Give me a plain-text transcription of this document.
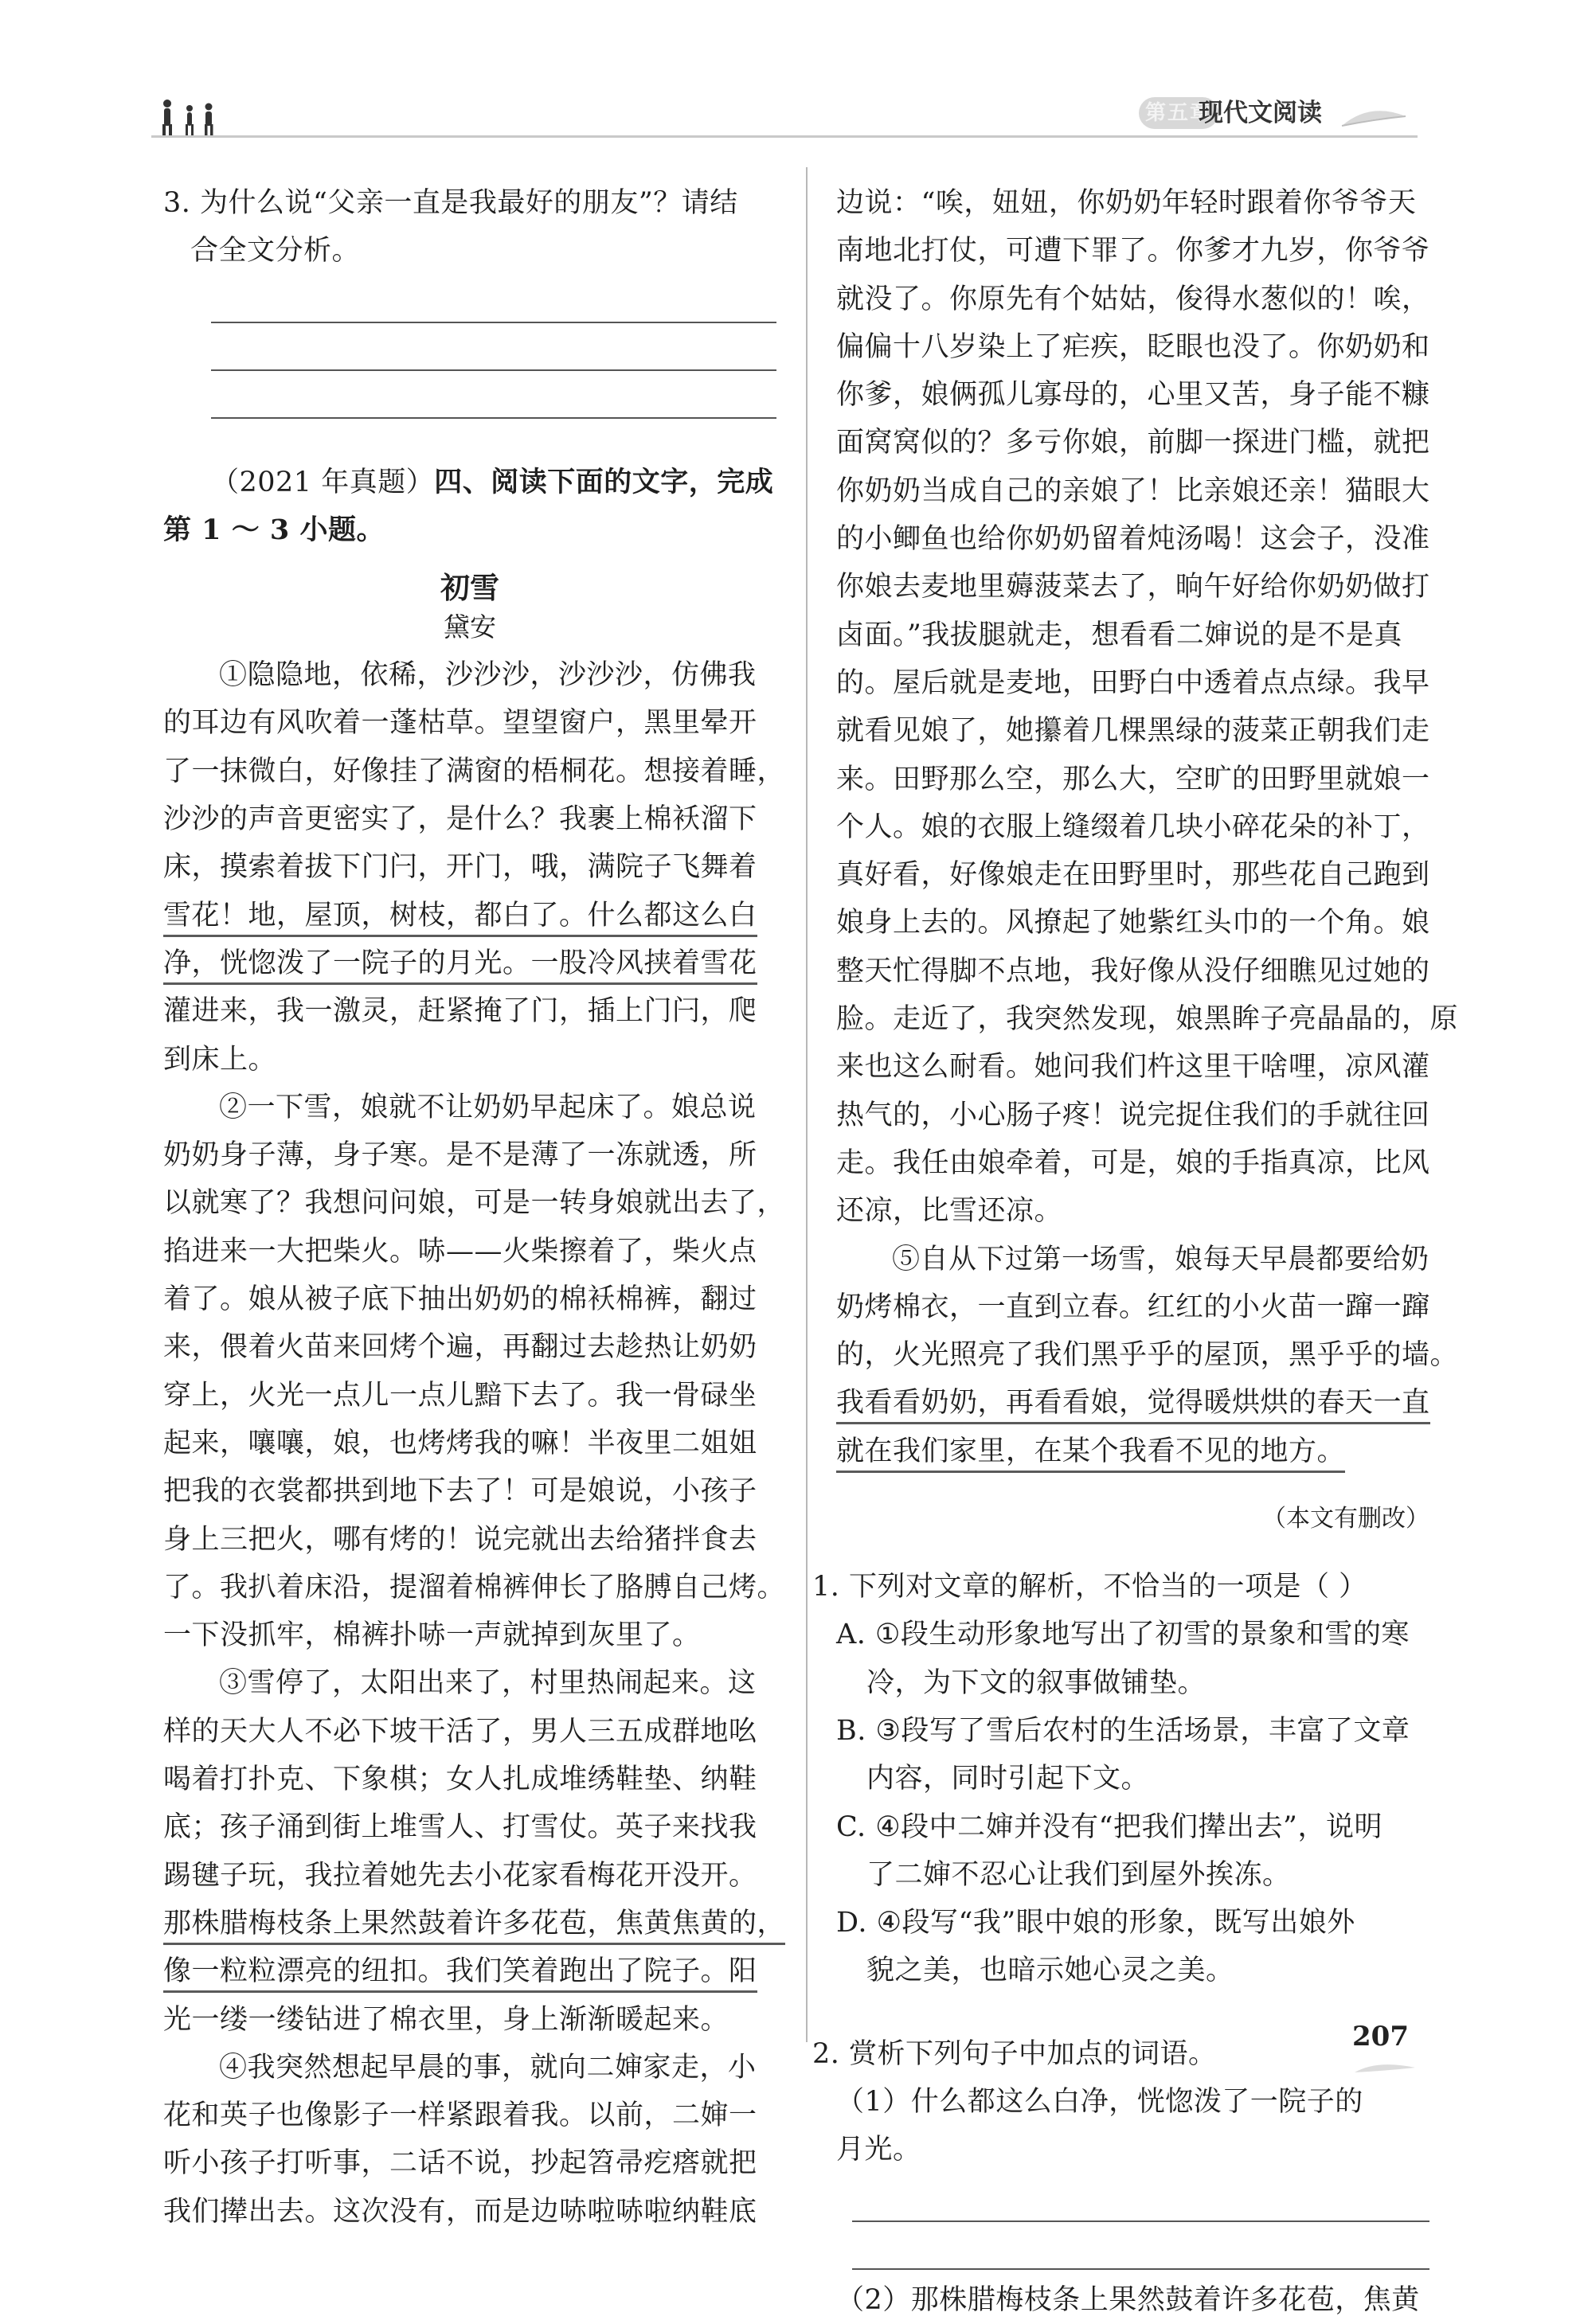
第五章
现代文阅读

3. 为什么说“父亲一直是我最好的朋友”？请结

合全文分析。

（2021 年真题）四、阅读下面的文字，完成

第 1 ～ 3 小题。

初雪

黛安

①隐隐地，依稀，沙沙沙，沙沙沙，仿佛我

的耳边有风吹着一蓬枯草。望望窗户，黑里晕开

了一抹微白，好像挂了满窗的梧桐花。想接着睡，

沙沙的声音更密实了，是什么？我裹上棉袄溜下

床，摸索着拔下门闩，开门，哦，满院子飞舞着

雪花！地，屋顶，树枝，都白了。什么都这么白

净，恍惚泼了一院子的月光。一股冷风挟着雪花

灌进来，我一激灵，赶紧掩了门，插上门闩，爬

到床上。

②一下雪，娘就不让奶奶早起床了。娘总说

奶奶身子薄，身子寒。是不是薄了一冻就透，所

以就寒了？我想问问娘，可是一转身娘就出去了，

掐进来一大把柴火。哧——火柴擦着了，柴火点

着了。娘从被子底下抽出奶奶的棉袄棉裤，翻过

来，偎着火苗来回烤个遍，再翻过去趁热让奶奶

穿上，火光一点儿一点儿黯下去了。我一骨碌坐

起来，嚷嚷，娘，也烤烤我的嘛！半夜里二姐姐

把我的衣裳都拱到地下去了！可是娘说，小孩子

身上三把火，哪有烤的！说完就出去给猪拌食去

了。我扒着床沿，提溜着棉裤伸长了胳膊自己烤。

一下没抓牢，棉裤扑哧一声就掉到灰里了。

③雪停了，太阳出来了，村里热闹起来。这

样的天大人不必下坡干活了，男人三五成群地吆

喝着打扑克、下象棋；女人扎成堆绣鞋垫、纳鞋

底；孩子涌到街上堆雪人、打雪仗。英子来找我

踢毽子玩，我拉着她先去小花家看梅花开没开。

那株腊梅枝条上果然鼓着许多花苞，焦黄焦黄的，

像一粒粒漂亮的纽扣。我们笑着跑出了院子。阳

光一缕一缕钻进了棉衣里，身上渐渐暖起来。

④我突然想起早晨的事，就向二婶家走，小

花和英子也像影子一样紧跟着我。以前，二婶一

听小孩子打听事，二话不说，抄起笤帚疙瘩就把

我们撵出去。这次没有，而是边哧啦哧啦纳鞋底

边说：“唉，妞妞，你奶奶年轻时跟着你爷爷天

南地北打仗，可遭下罪了。你爹才九岁，你爷爷

就没了。你原先有个姑姑，俊得水葱似的！唉，

偏偏十八岁染上了疟疾，眨眼也没了。你奶奶和

你爹，娘俩孤儿寡母的，心里又苦，身子能不糠

面窝窝似的？多亏你娘，前脚一探进门槛，就把

你奶奶当成自己的亲娘了！比亲娘还亲！猫眼大

的小鲫鱼也给你奶奶留着炖汤喝！这会子，没准

你娘去麦地里薅菠菜去了，晌午好给你奶奶做打

卤面。”我拔腿就走，想看看二婶说的是不是真

的。屋后就是麦地，田野白中透着点点绿。我早

就看见娘了，她攥着几棵黑绿的菠菜正朝我们走

来。田野那么空，那么大，空旷的田野里就娘一

个人。娘的衣服上缝缀着几块小碎花朵的补丁，

真好看，好像娘走在田野里时，那些花自己跑到

娘身上去的。风撩起了她紫红头巾的一个角。娘

整天忙得脚不点地，我好像从没仔细瞧见过她的

脸。走近了，我突然发现，娘黑眸子亮晶晶的，原

来也这么耐看。她问我们杵这里干啥哩，凉风灌

热气的，小心肠子疼！说完捉住我们的手就往回

走。我任由娘牵着，可是，娘的手指真凉，比风

还凉，比雪还凉。

⑤自从下过第一场雪，娘每天早晨都要给奶

奶烤棉衣，一直到立春。红红的小火苗一蹿一蹿

的，火光照亮了我们黑乎乎的屋顶，黑乎乎的墙。

我看看奶奶，再看看娘，觉得暖烘烘的春天一直

就在我们家里，在某个我看不见的地方。

（本文有删改）

1. 下列对文章的解析，不恰当的一项是（ ）

A. ①段生动形象地写出了初雪的景象和雪的寒

冷，为下文的叙事做铺垫。

B. ③段写了雪后农村的生活场景，丰富了文章

内容，同时引起下文。

C. ④段中二婶并没有“把我们撵出去”，说明

了二婶不忍心让我们到屋外挨冻。

D. ④段写“我”眼中娘的形象，既写出娘外

貌之美，也暗示她心灵之美。

2. 赏析下列句子中加点的词语。

（1）什么都这么白净，恍惚泼了一院子的

月光。

（2）那株腊梅枝条上果然鼓着许多花苞，焦黄

207
